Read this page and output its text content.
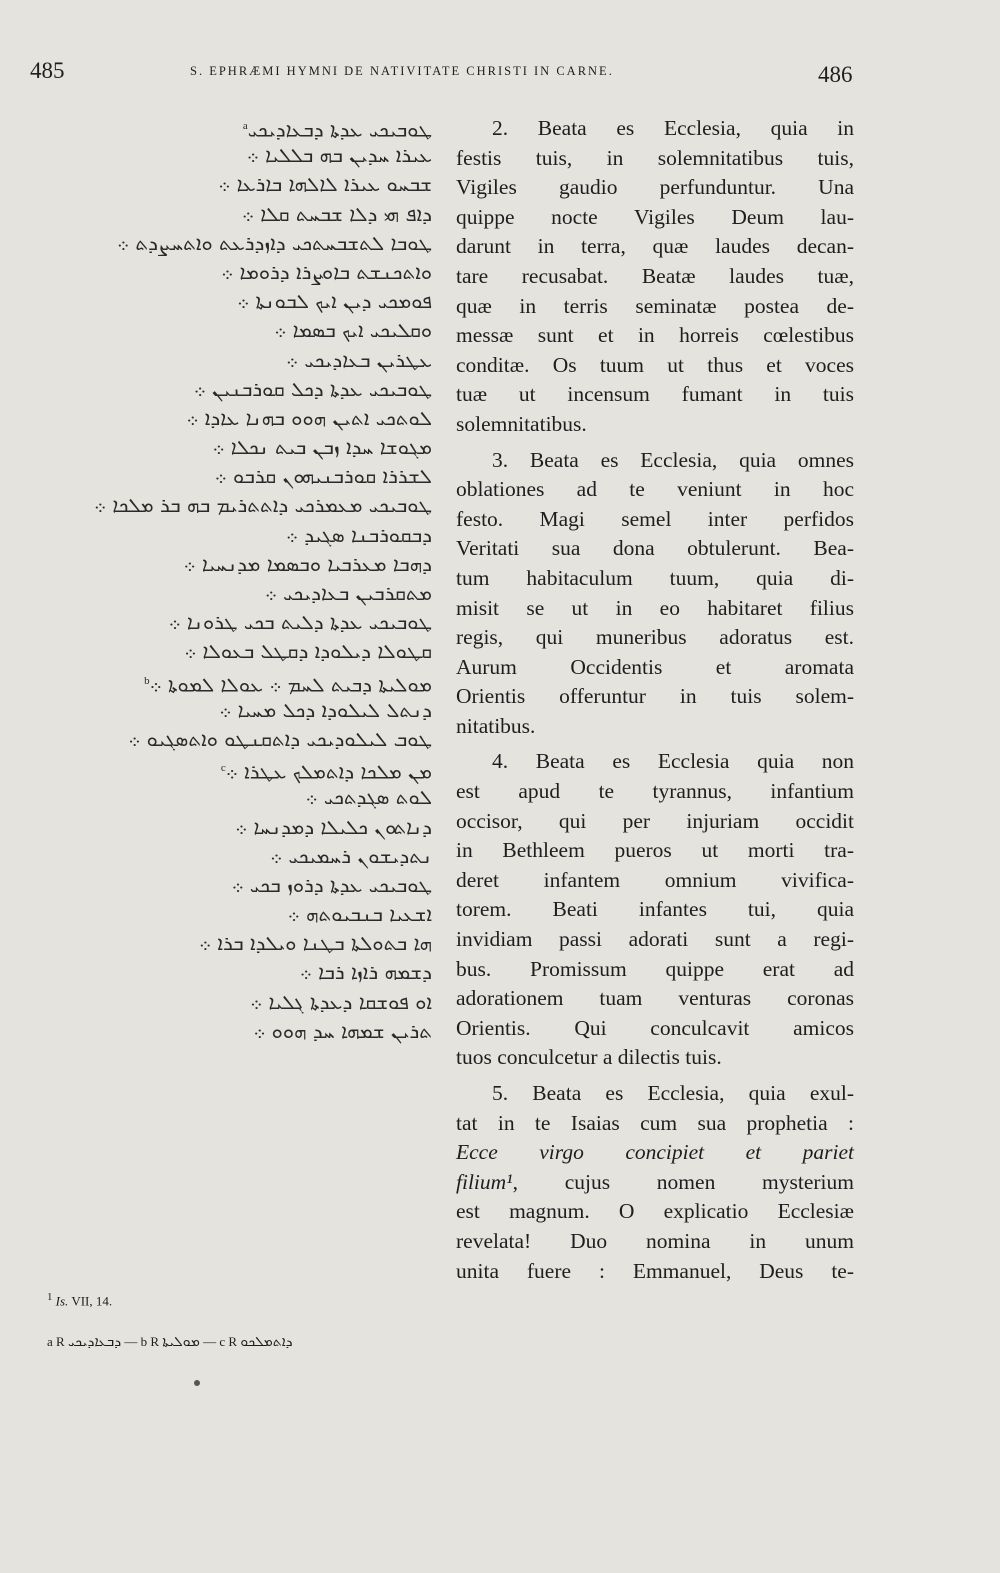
485	S. EPHRÆMI HYMNI DE NATIVITATE CHRISTI IN CARNE.	486
ܛܘܒܝܟܝ ܥܕܬܐ ܕܒܥܐܕܝܟܝ$^a$
ܥܝܪܐ ܚܕܝܢ ܒܗ ܒܠܠܝܐ ܀
ܫܒܚܘ ܥܝܪܐ ܠܐܠܗܐ ܒܐܪܥܐ ܀
ܕܐܦ ܗܝ ܕܠܐ ܫܒܚܬ ܩܠܐ ܀
ܛܘܒܐ ܠܬܫܒܚܬܟܝ ܕܐܙܕܪܥܬ ܘܐܬܚܨܕܬ ܀
ܘܐܬܟܢܫܬ ܒܐܘܨܪܐ ܕܪܘܡܐ ܀
ܦܘܡܟܝ ܕܝܢ ܐܝܟ ܠܒܘܢܬܐ ܀
ܘܩܠܝܟܝ ܐܝܟ ܒܣܡܐ ܀
ܥܛܪܝܢ ܒܥܐܕܝܟܝ ܀
ܛܘܒܝܟܝ ܥܕܬܐ ܕܟܠ ܩܘܪܒܢܝܢ ܀
ܠܘܬܟܝ ܐܬܝܢ ܗܘܘ ܒܗܢܐ ܥܐܕܐ ܀
ܡܓܘܫܐ ܚܕܐ ܙܒܢ ܒܝܬ ܢܟܠܐ ܀
ܠܫܪܪܐ ܩܘܪܒܢܝܗܘܢ ܩܪܒܘ ܀
ܛܘܒܝܟܝ ܡܥܡܪܟܝ ܕܐܬܬܪܝܡ ܒܗ ܒܪ ܡܠܟܐ ܀
ܕܒܩܘܪܒܢܐ ܣܓܝܕ ܀
ܕܗܒܐ ܡܥܪܒܝܐ ܘܒܣܡܐ ܡܕܢܚܝܐ ܀
ܡܬܩܪܒܝܢ ܒܥܐܕܝܟܝ ܀
ܛܘܒܝܟܝ ܥܕܬܐ ܕܠܝܬ ܒܟܝ ܛܪܘܢܐ ܀
ܩܛܘܠܐ ܕܝܠܘܕܐ ܕܩܛܠ ܒܥܘܠܐ ܀
ܡܘܠܝܬܐ ܕܒܝܬ ܠܚܡ ܀ ܥܘܠܐ ܠܡܘܬܐ ܀$^b$
ܕܢܬܠ ܠܝܠܘܕܐ ܕܟܠ ܡܚܝܐ ܀
ܛܘܒ ܠܝܠܘܕܝܟܝ ܕܐܬܩܢܛܘ ܘܐܬܣܓܝܘ ܀
ܡܢ ܡܠܟܐ ܕܐܬܡܠܟ ܥܛܪܐ ܀$^c$
ܠܘܬ ܣܓܕܬܟܝ ܀
ܕܢܐܬܘܢ ܟܠܝܠܐ ܕܡܕܢܚܐ ܀
ܢܬܕܝܫܘܢ ܪܚܡܝܟܝ ܀
ܛܘܒܝܟܝ ܥܕܬܐ ܕܪܘܙ ܒܟܝ ܀
ܐܫܥܝܐ ܒܢܒܝܘܬܗ ܀
ܗܐ ܒܬܘܠܬܐ ܒܛܢܐ ܘܝܠܕܐ ܒܪܐ ܀
ܕܫܡܗ ܪܐܙܐ ܪܒܐ ܀
ܐܘ ܦܘܫܩܐ ܕܥܕܬܐ ܓܠܝܐ ܀
ܬܪܝܢ ܫܡܗܐ ܚܕ ܗܘܘ ܀
2. Beata es Ecclesia, quia in
festis tuis, in solemnitatibus tuis,
Vigiles gaudio perfunduntur. Una
quippe nocte Vigiles Deum lau-
darunt in terra, quæ laudes decan-
tare recusabat. Beatæ laudes tuæ,
quæ in terris seminatæ postea de-
messæ sunt et in horreis cœlestibus
conditæ. Os tuum ut thus et voces
tuæ ut incensum fumant in tuis
solemnitatibus.
3. Beata es Ecclesia, quia omnes
oblationes ad te veniunt in hoc
festo. Magi semel inter perfidos
Veritati sua dona obtulerunt. Bea-
tum habitaculum tuum, quia di-
misit se ut in eo habitaret filius
regis, qui muneribus adoratus est.
Aurum Occidentis et aromata
Orientis offeruntur in tuis solem-
nitatibus.
4. Beata es Ecclesia quia non
est apud te tyrannus, infantium
occisor, qui per injuriam occidit
in Bethleem pueros ut morti tra-
deret infantem omnium vivifica-
torem. Beati infantes tui, quia
invidiam passi adorati sunt a regi-
bus. Promissum quippe erat ad
adorationem tuam venturas coronas
Orientis. Qui conculcavit amicos
tuos conculcetur a dilectis tuis.
5. Beata es Ecclesia, quia exul-
tat in te Isaias cum sua prophetia :
Ecce virgo concipiet et pariet
filium¹, cujus nomen mysterium
est magnum. O explicatio Ecclesiæ
revelata! Duo nomina in unum
unita fuere : Emmanuel, Deus te-
$^1$ Is. VII, 14.
a R ܕܒܥܐܕܝܟܝ — b R ܡܘܠܝܬܐ — c R ܕܐܬܡܠܟܘ
